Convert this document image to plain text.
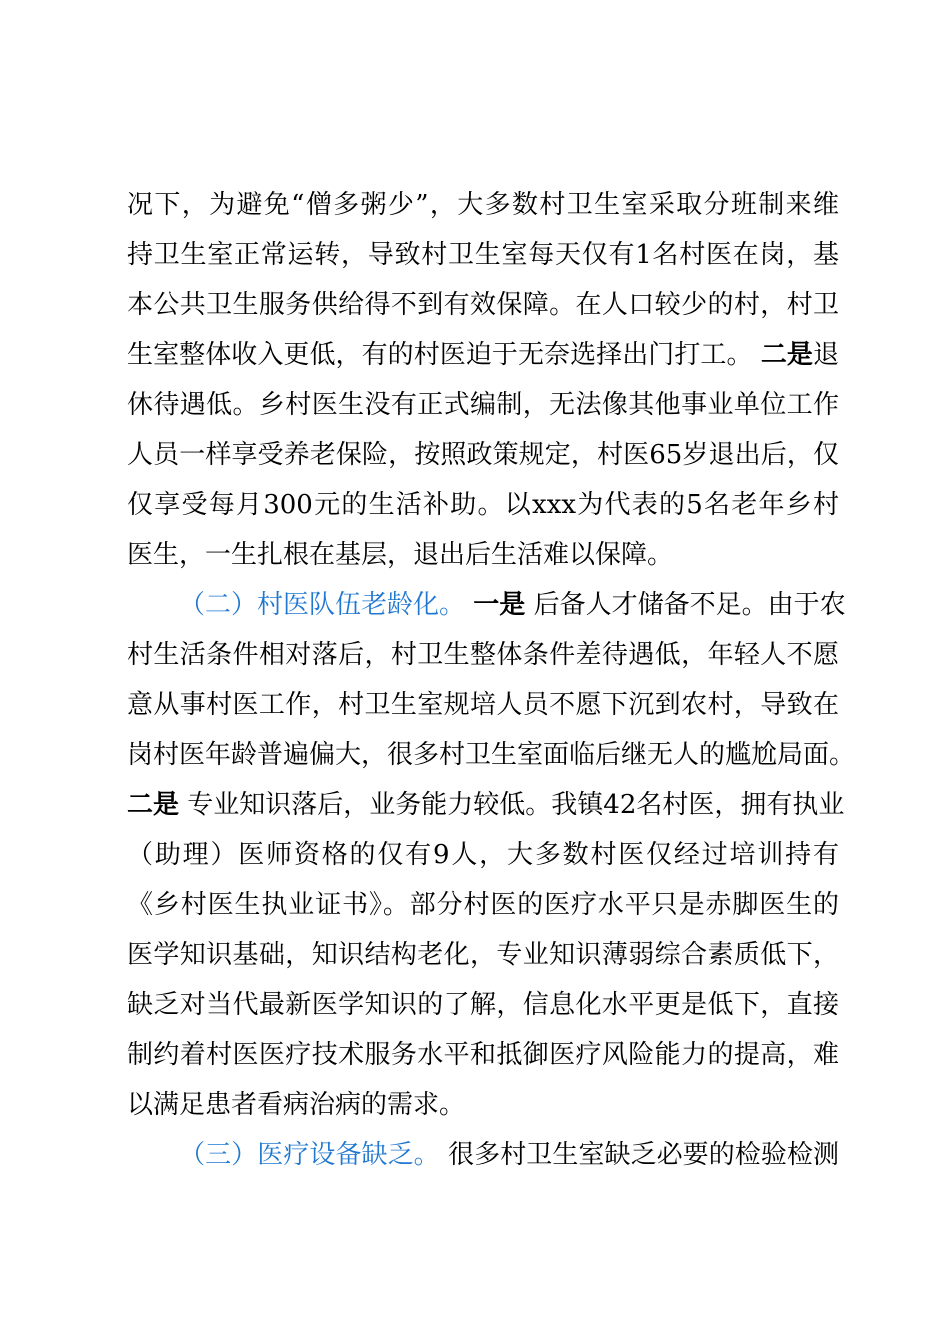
况下，为避免“僧多粥少”，大多数村卫生室采取分班制来维
持卫生室正常运转，导致村卫生室每天仅有1名村医在岗，基
本公共卫生服务供给得不到有效保障。在人口较少的村，村卫
生室整体收入更低，有的村医迫于无奈选择出门打工。 二是退
休待遇低。乡村医生没有正式编制，无法像其他事业单位工作
人员一样享受养老保险，按照政策规定，村医65岁退出后，仅
仅享受每月300元的生活补助。以xxx为代表的5名老年乡村
医生，一生扎根在基层，退出后生活难以保障。
（二）村医队伍老龄化。 一是 后备人才储备不足。由于农
村生活条件相对落后，村卫生整体条件差待遇低，年轻人不愿
意从事村医工作，村卫生室规培人员不愿下沉到农村，导致在
岗村医年龄普遍偏大，很多村卫生室面临后继无人的尴尬局面。
二是 专业知识落后，业务能力较低。我镇42名村医，拥有执业
（助理）医师资格的仅有9人，大多数村医仅经过培训持有
《乡村医生执业证书》。部分村医的医疗水平只是赤脚医生的
医学知识基础，知识结构老化，专业知识薄弱综合素质低下，
缺乏对当代最新医学知识的了解，信息化水平更是低下，直接
制约着村医医疗技术服务水平和抵御医疗风险能力的提高，难
以满足患者看病治病的需求。
（三）医疗设备缺乏。 很多村卫生室缺乏必要的检验检测
